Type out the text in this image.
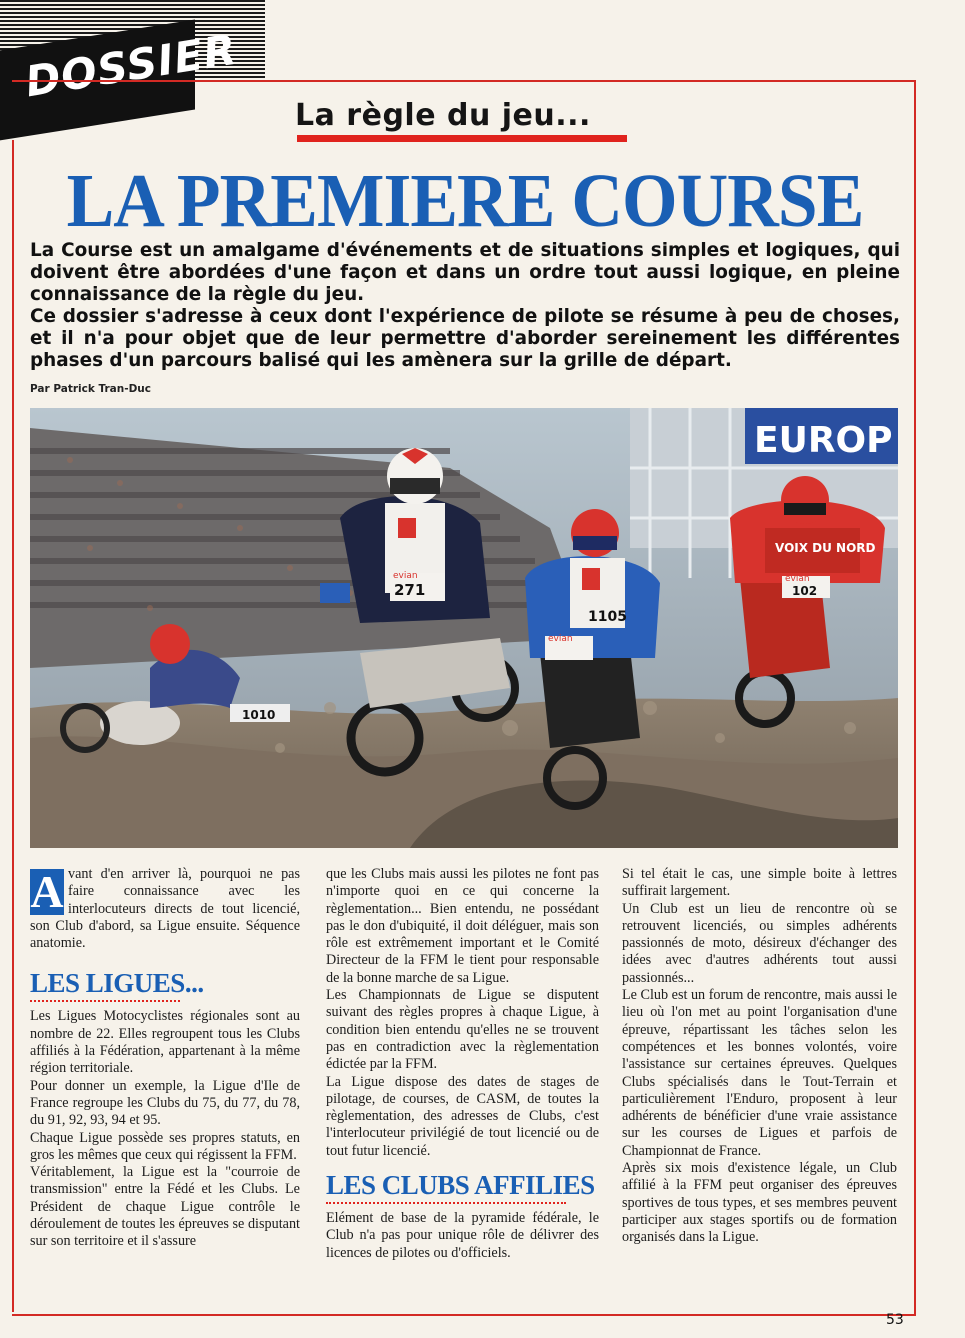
DOSSIER
La règle du jeu...
LA PREMIERE COURSE

La Course est un amalgame d'événements et de situations simples et logiques, qui doivent être abordées d'une façon et dans un ordre tout aussi logique, en pleine connaissance de la règle du jeu.

Ce dossier s'adresse à ceux dont l'expérience de pilote se résume à peu de choses, et il n'a pour objet que de leur permettre d'aborder sereinement les différentes phases d'un parcours balisé qui les amènera sur la grille de départ.

Par Patrick Tran-Duc
EUROP
1010
evian
271
1105
evian
VOIX DU NORD
evian
102
A vant d'en arriver là, pourquoi ne pas faire connaissance avec les interlocuteurs directs de tout licencié, son Club d'abord, sa Ligue ensuite. Séquence anatomie.

LES LIGUES...

Les Ligues Motocyclistes régionales sont au nombre de 22. Elles regroupent tous les Clubs affiliés à la Fédération, appartenant à la même région territoriale.

Pour donner un exemple, la Ligue d'Ile de France regroupe les Clubs du 75, du 77, du 78, du 91, 92, 93, 94 et 95.

Chaque Ligue possède ses propres statuts, en gros les mêmes que ceux qui régissent la FFM.

Véritablement, la Ligue est la "courroie de transmission" entre la Fédé et les Clubs. Le Président de chaque Ligue contrôle le déroulement de toutes les épreuves se disputant sur son territoire et il s'assure

que les Clubs mais aussi les pilotes ne font pas n'importe quoi en ce qui concerne la règlementation... Bien entendu, ne possédant pas le don d'ubiquité, il doit déléguer, mais son rôle est extrêmement important et le Comité Directeur de la FFM le tient pour responsable de la bonne marche de sa Ligue.

Les Championnats de Ligue se disputent suivant des règles propres à chaque Ligue, à condition bien entendu qu'elles ne se trouvent pas en contradiction avec la règlementation édictée par la FFM.

La Ligue dispose des dates de stages de pilotage, de courses, de CASM, de toutes la règlementation, des adresses de Clubs, c'est l'interlocuteur privilégié de tout licencié ou de tout futur licencié.

LES CLUBS AFFILIES

Elément de base de la pyramide fédérale, le Club n'a pas pour unique rôle de délivrer des licences de pilotes ou d'officiels.

Si tel était le cas, une simple boite à lettres suffirait largement.

Un Club est un lieu de rencontre où se retrouvent licenciés, ou simples adhérents passionnés de moto, désireux d'échanger des idées avec d'autres adhérents tout aussi passionnés...

Le Club est un forum de rencontre, mais aussi le lieu où l'on met au point l'organisation d'une épreuve, répartissant les tâches selon les compétences et les bonnes volontés, voire l'assistance sur certaines épreuves. Quelques Clubs spécialisés dans le Tout-Terrain et particulièrement l'Enduro, proposent à leur adhérents de bénéficier d'une vraie assistance sur les courses de Ligues et parfois de Championnat de France.

Après six mois d'existence légale, un Club affilié à la FFM peut organiser des épreuves sportives de tous types, et ses membres peuvent participer aux stages sportifs ou de formation organisés dans la Ligue.

53
